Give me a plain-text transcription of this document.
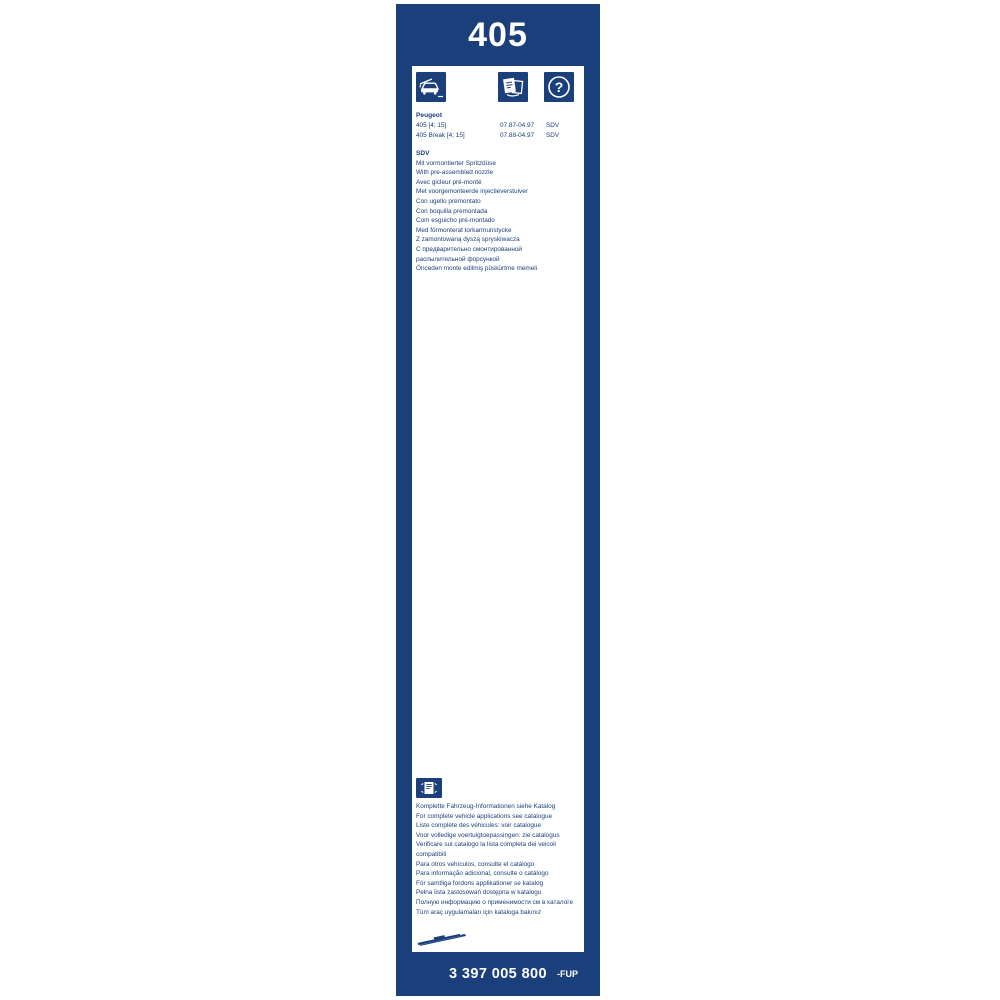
405
?
Peugeot
405 [4; 15]	07.87-04.97	SDV
405 Break [4; 15]	07.88-04.97	SDV
SDV
Mit vormontierter Spritzdüse
With pre-assembled nozzle
Avec gicleur pré-monté
Met voorgemonteerde injectieverstuiver
Con ugello premontato
Con boquilla premontada
Com esguicho pré-montado
Med förmonterat torkarmunstycke
Z zamontowaną dyszą spryskiwacza
С предварительно смонтированной
распылительной форсункой
Önceden monte edilmiş püskürtme memeli
Komplette Fahrzeug-Informationen siehe Katalog
For complete vehicle applications see catalogue
Liste complète des véhicules: voir catalogue
Voor volledige voertuigtoepassingen: zie catalogus
Verificare sul catalogo la lista completa dei veicoli
compatibili
Para otros vehículos, consulte el catálogo
Para informação adicional, consulte o catálogo
För samtliga fordons applikationer se katalog
Pełna lista zastosowań dostępna w katalogu
Полную информацию о применимости см в каталоге
Tüm araç uygulamaları için kataloga bakınız
3 397 005 800	-FUP
